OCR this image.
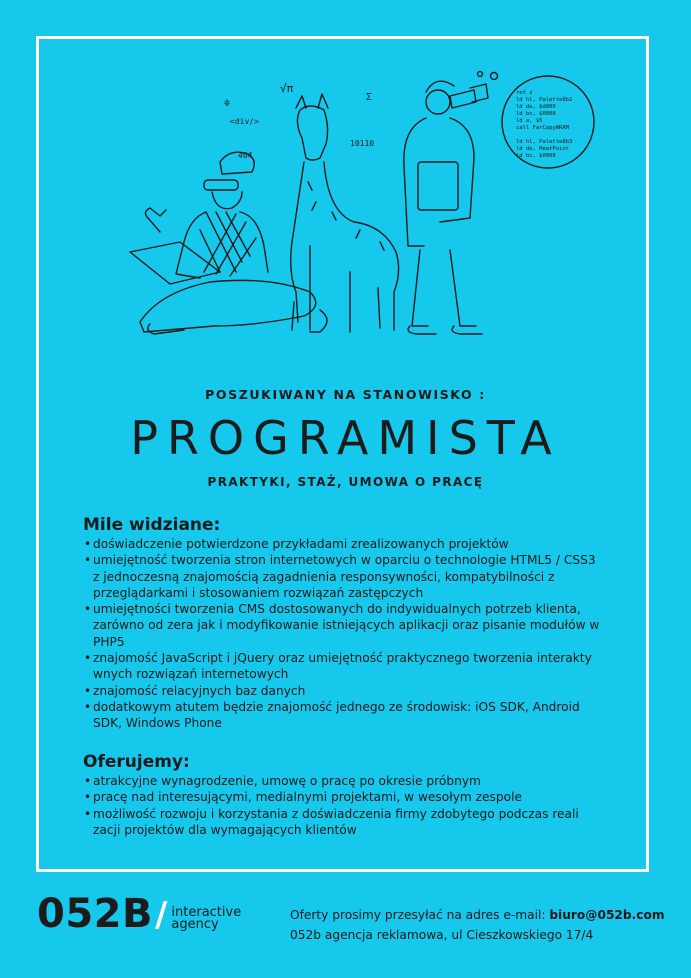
<div/>
404
10110
√π
≑
Σ	ret z
ld hl, Palette8b2
ld de, $d000
ld bc, $0008
ld a, $5
call FarCopyWRAM
ld hl, Palette8b3
ld de, HeatPoint
ld bc, $0008
POSZUKIWANY NA STANOWISKO :
PROGRAMISTA
PRAKTYKI, STAŻ, UMOWA O PRACĘ
Mile widziane:
• doświadczenie potwierdzone przykładami zrealizowanych projektów
• umiejętność tworzenia stron internetowych w oparciu o technologie HTML5 / CSS3 z jednoczesną znajomością zagadnienia responsywności, kompatybilności z przeglądarkami i stosowaniem rozwiązań zastępczych
• umiejętności tworzenia CMS dostosowanych do indywidualnych potrzeb klienta, zarówno od zera jak i modyfikowanie istniejących aplikacji oraz pisanie modułów w PHP5
• znajomość JavaScript i jQuery oraz umiejętność praktycznego tworzenia interakty wnych rozwiązań internetowych
• znajomość relacyjnych baz danych
• dodatkowym atutem będzie znajomość jednego ze środowisk: iOS SDK, Android SDK, Windows Phone
Oferujemy:
• atrakcyjne wynagrodzenie, umowę o pracę po okresie próbnym
• pracę nad interesującymi, medialnymi projektami, w wesołym zespole
• możliwość rozwoju i korzystania z doświadczenia firmy zdobytego podczas reali zacji projektów dla wymagających klientów
052B / interactive
agency
Oferty prosimy przesyłać na adres e-mail: biuro@052b.com
052b agencja reklamowa, ul Cieszkowskiego 17/4
